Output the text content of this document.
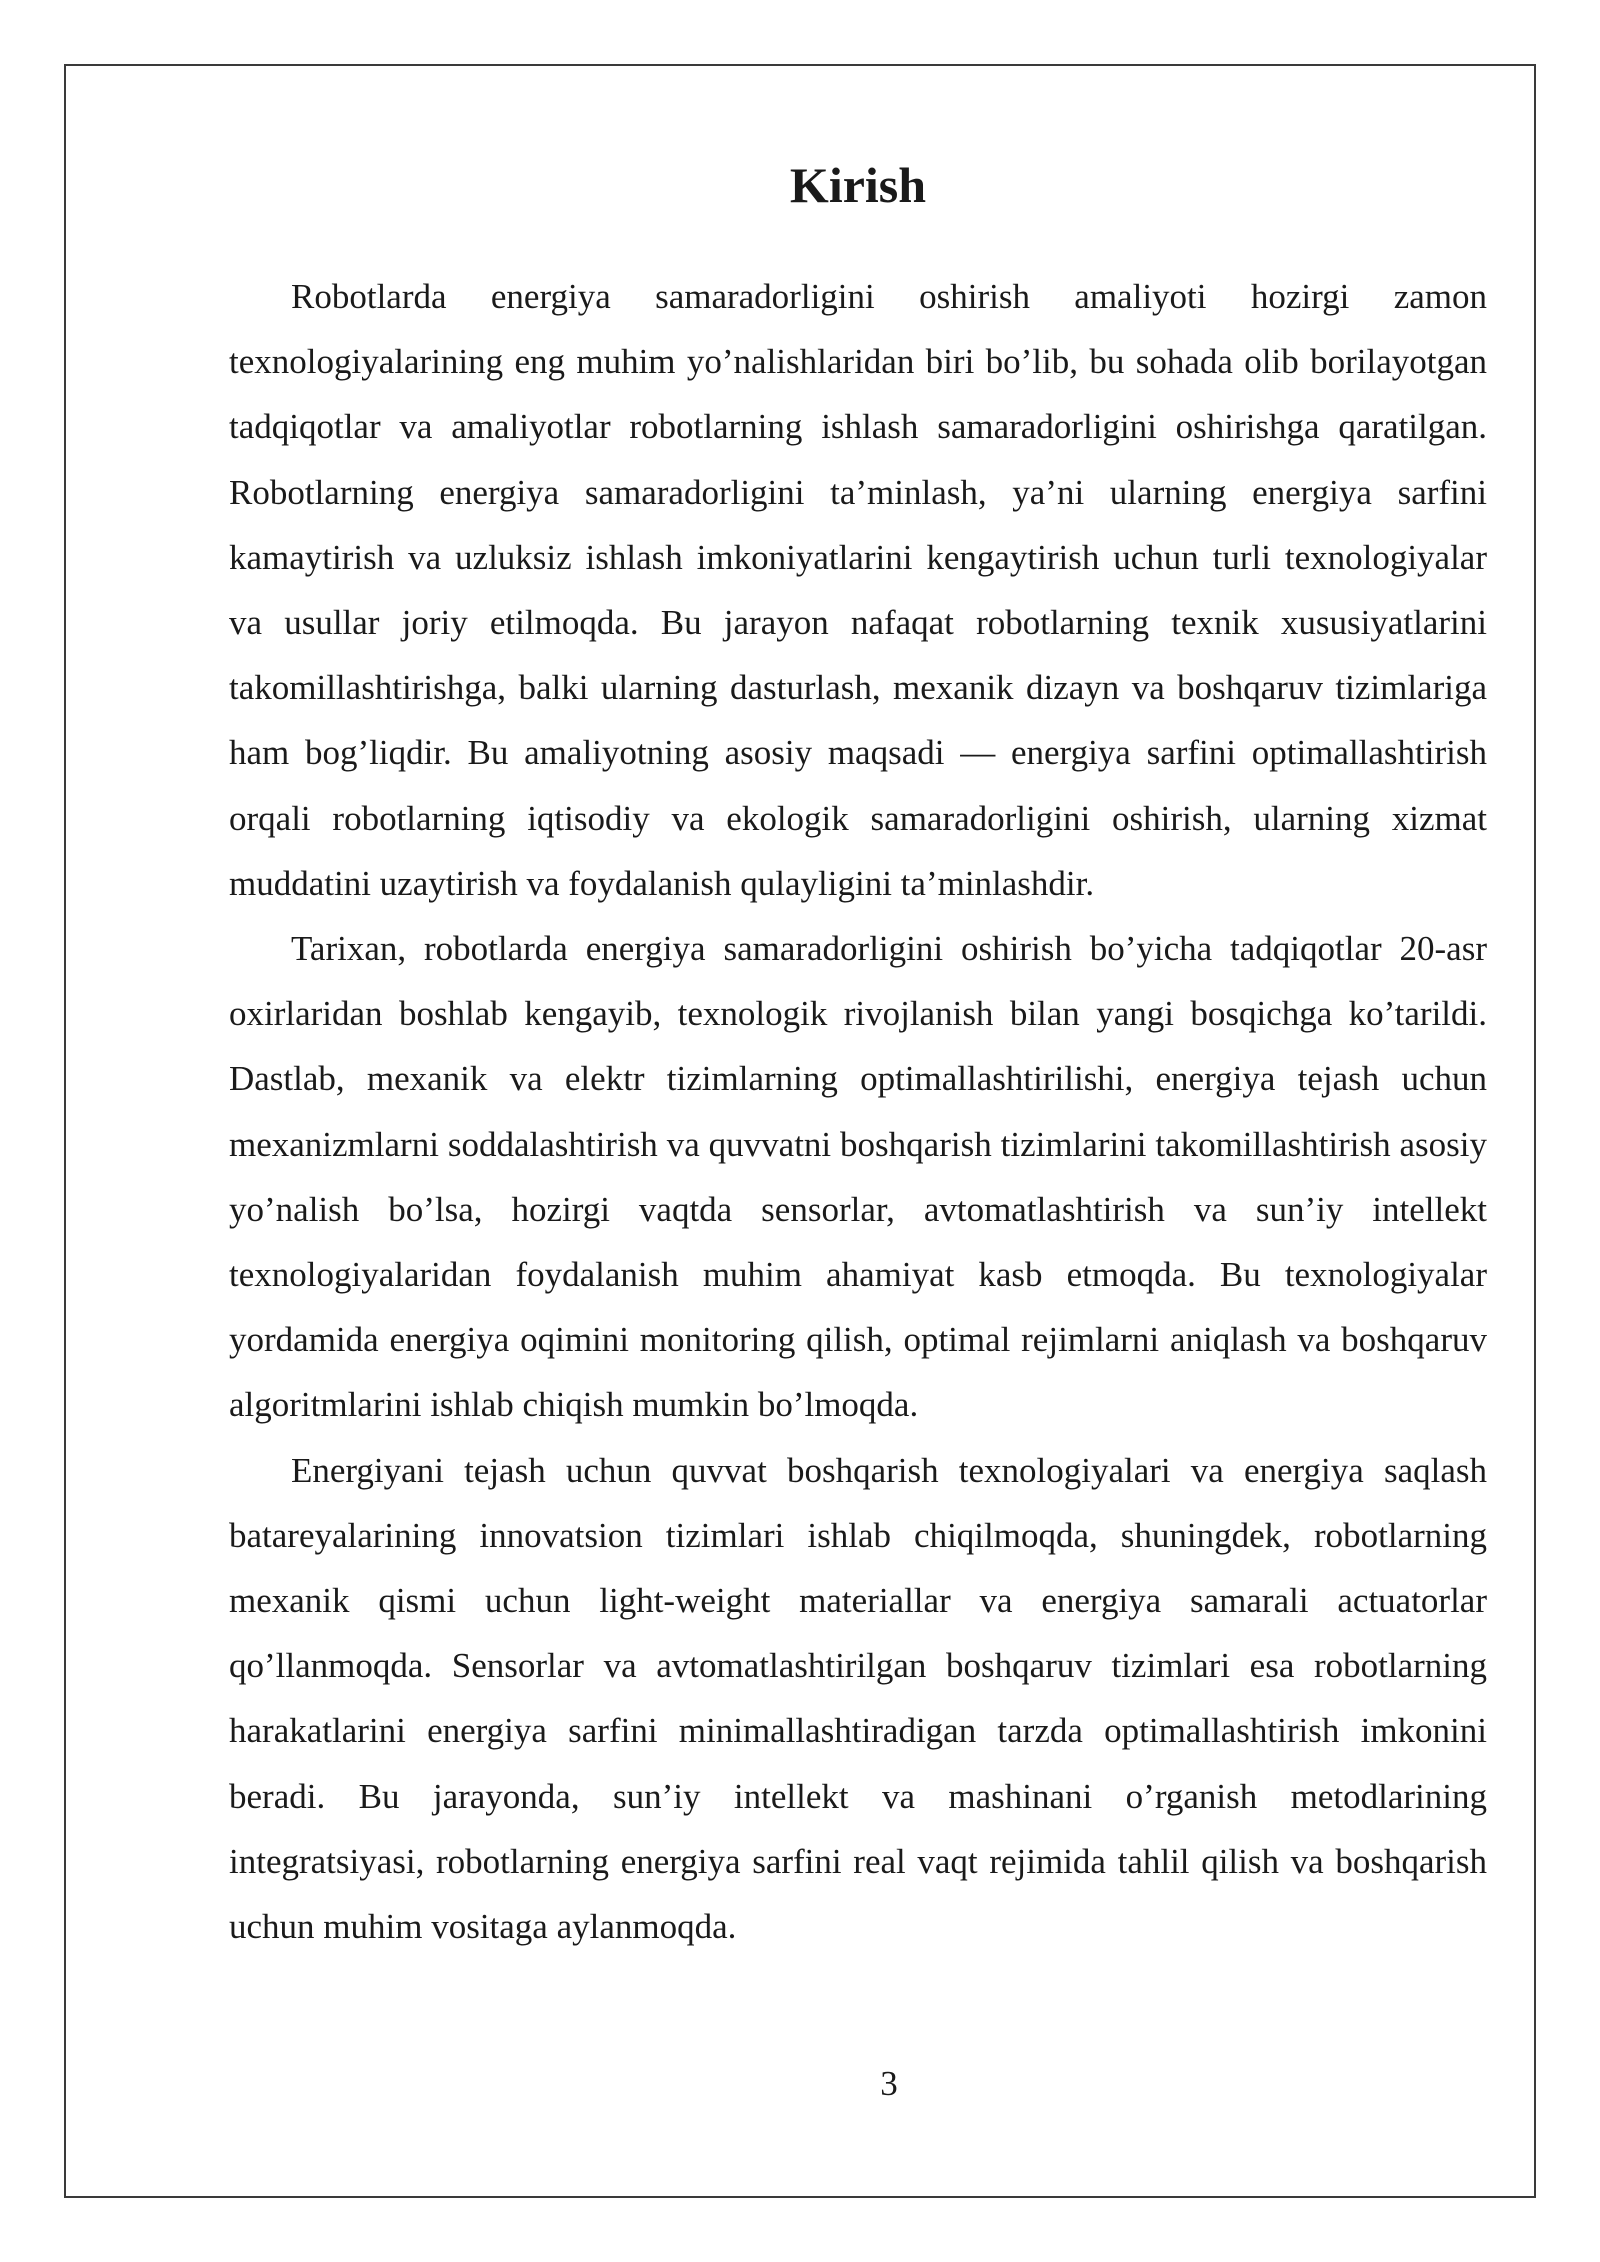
Kirish

Robotlarda energiya samaradorligini oshirish amaliyoti hozirgi zamon texnologiyalarining eng muhim yo’nalishlaridan biri bo’lib, bu sohada olib borilayotgan tadqiqotlar va amaliyotlar robotlarning ishlash samaradorligini oshirishga qaratilgan. Robotlarning energiya samaradorligini ta’minlash, ya’ni ularning energiya sarfini kamaytirish va uzluksiz ishlash imkoniyatlarini kengaytirish uchun turli texnologiyalar va usullar joriy etilmoqda. Bu jarayon nafaqat robotlarning texnik xususiyatlarini takomillashtirishga, balki ularning dasturlash, mexanik dizayn va boshqaruv tizimlariga ham bog’liqdir. Bu amaliyotning asosiy maqsadi — energiya sarfini optimallashtirish orqali robotlarning iqtisodiy va ekologik samaradorligini oshirish, ularning xizmat muddatini uzaytirish va foydalanish qulayligini ta’minlashdir.

Tarixan, robotlarda energiya samaradorligini oshirish bo’yicha tadqiqotlar 20-asr oxirlaridan boshlab kengayib, texnologik rivojlanish bilan yangi bosqichga ko’tarildi. Dastlab, mexanik va elektr tizimlarning optimallashtirilishi, energiya tejash uchun mexanizmlarni soddalashtirish va quvvatni boshqarish tizimlarini takomillashtirish asosiy yo’nalish bo’lsa, hozirgi vaqtda sensorlar, avtomatlashtirish va sun’iy intellekt texnologiyalaridan foydalanish muhim ahamiyat kasb etmoqda. Bu texnologiyalar yordamida energiya oqimini monitoring qilish, optimal rejimlarni aniqlash va boshqaruv algoritmlarini ishlab chiqish mumkin bo’lmoqda.

Energiyani tejash uchun quvvat boshqarish texnologiyalari va energiya saqlash batareyalarining innovatsion tizimlari ishlab chiqilmoqda, shuningdek, robotlarning mexanik qismi uchun light-weight materiallar va energiya samarali actuatorlar qo’llanmoqda. Sensorlar va avtomatlashtirilgan boshqaruv tizimlari esa robotlarning harakatlarini energiya sarfini minimallashtiradigan tarzda optimallashtirish imkonini beradi. Bu jarayonda, sun’iy intellekt va mashinani o’rganish metodlarining integratsiyasi, robotlarning energiya sarfini real vaqt rejimida tahlil qilish va boshqarish uchun muhim vositaga aylanmoqda.

3
